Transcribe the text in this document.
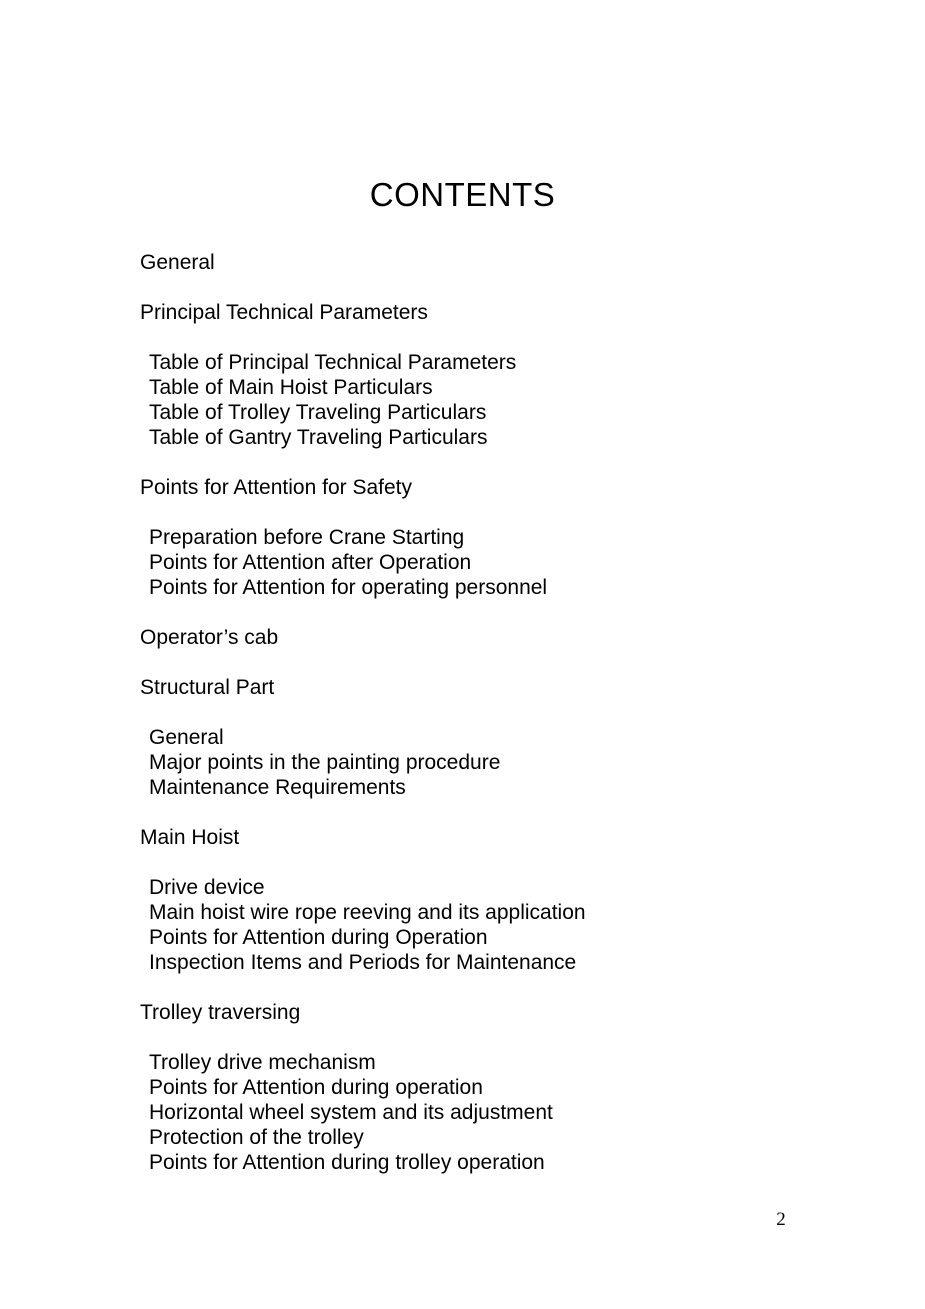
CONTENTS
General
Principal Technical Parameters
Table of Principal Technical Parameters
Table of Main Hoist Particulars
Table of Trolley Traveling Particulars
Table of Gantry Traveling Particulars
Points for Attention for Safety
Preparation before Crane Starting
Points for Attention after Operation
Points for Attention for operating personnel
Operator’s cab
Structural Part
General
Major points in the painting procedure
Maintenance Requirements
Main Hoist
Drive device
Main hoist wire rope reeving and its application
Points for Attention during Operation
Inspection Items and Periods for Maintenance
Trolley traversing
Trolley drive mechanism
Points for Attention during operation
Horizontal wheel system and its adjustment
Protection of the trolley
Points for Attention during trolley operation
2
